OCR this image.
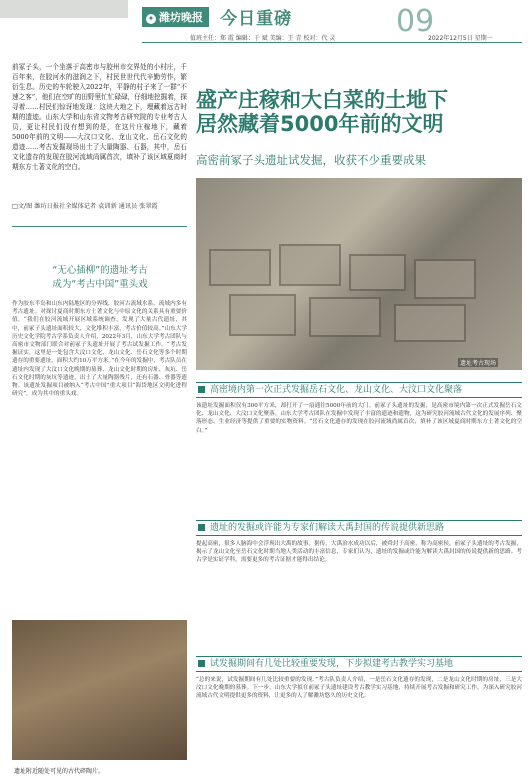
✦ 潍坊晚报 今日重磅	09
值班主任：郑 霞 编辑：于 斌 美编：王 青 校对：代 灵	2022年12月5日 星期一
前冢子头，一个坐落于高密市与胶州市交界处的小村庄，千百年来，在胶河水的滋润之下，村民世世代代辛勤劳作，繁衍生息。历史的车轮驶入2022年，平静的村子来了一群“不速之客”，他们在空旷的田野里忙忙碌碌，仔细地挖掘着，探寻着……村民们惊讶地发现：这块大地之下，埋藏着远古时期的遗迹。山东大学和山东省文物考古研究院的专业考古人员，更让村民们没有想到的是，在这片庄稼地下，藏着5000年前的文明——大汶口文化、龙山文化、岳石文化的遗迹……考古发掘现场出土了大量陶器、石器，其中，岳石文化遗存的发现在胶河流域尚属首次，填补了该区域夏商时期东方土著文化的空白。
□文/图 潍坊日报社全媒体记者 袁训新 通讯员 张翠霞
盛产庄稼和大白菜的土地下
居然藏着5000年前的文明
高密前冢子头遗址试发掘，收获不少重要成果
遗址考古现场
“无心插柳”的遗址考古
成为“考古中国”重头戏
作为胶东半岛和山东内陆地区的分界线，胶河古流域水系，流域内多有考古遗址。对探讨夏商时期东方土著文化与中原文化的关系具有重要价值。“我们在胶河流域开展区域系统调查，发现了大量古代遗址，其中，前冢子头遗址面积较大，文化堆积丰富，考古价值较高。”山东大学历史文化学院考古学系负责人介绍，2022年3月，山东大学考古团队与高密市文物部门联合对前冢子头遗址开展了考古试发掘工作。“考古发掘证实，这里是一处包含大汶口文化、龙山文化、岳石文化等多个时期遗存的重要遗址，面积大约10万平方米。”在今年的发掘中，考古队员在遗址内发现了大汶口文化晚期的墓葬、龙山文化时期的房址、灰坑、岳石文化时期的灰坑等遗迹，出土了大量陶器残片，还有石器、骨器等遗物。该遗址发掘项目被纳入“考古中国”重大项目“海岱地区文明化进程研究”，成为其中的重头戏。
遗址附近随处可见的古代碎陶片。
高密境内第一次正式发掘岳石文化、龙山文化、大汶口文化聚落
该遗址发掘面积仅有300平方米，却打开了一扇通往5000年前的大门。前冢子头遗址的发掘，是高密市境内第一次正式发掘岳石文化、龙山文化、大汶口文化聚落。山东大学考古团队在发掘中发现了丰富的遗迹和遗物，这为研究胶河流域古代文化的发展序列、聚落形态、生业经济等提供了重要的实物资料。“岳石文化遗存的发现在胶河流域尚属首次，填补了该区域夏商时期东方土著文化的空白。”
遗址的发掘或许能为专家们解读大禹封国的传说提供新思路
提起高密，很多人脑海中会浮现出大禹的故事。据传，大禹治水成功以后，被舜封于高密，称为高密侯。前冢子头遗址的考古发掘，揭示了龙山文化至岳石文化时期当地人类活动的丰富信息，专家们认为，遗址的发掘或许能为解读大禹封国的传说提供新的思路。考古学是实证学科，需要更多的考古证据才能得出结论。
试发掘期间有几处比较重要发现，下步拟建考古教学实习基地
“总的来说，试发掘期间有几处比较重要的发现。”考古队负责人介绍，一是岳石文化遗存的发现，二是龙山文化时期的房址，三是大汶口文化晚期的墓葬。下一步，山东大学拟在前冢子头遗址建设考古教学实习基地，持续开展考古发掘和研究工作，为深入研究胶河流域古代文明提供更多的资料，让更多的人了解潍坊悠久的历史文化。
